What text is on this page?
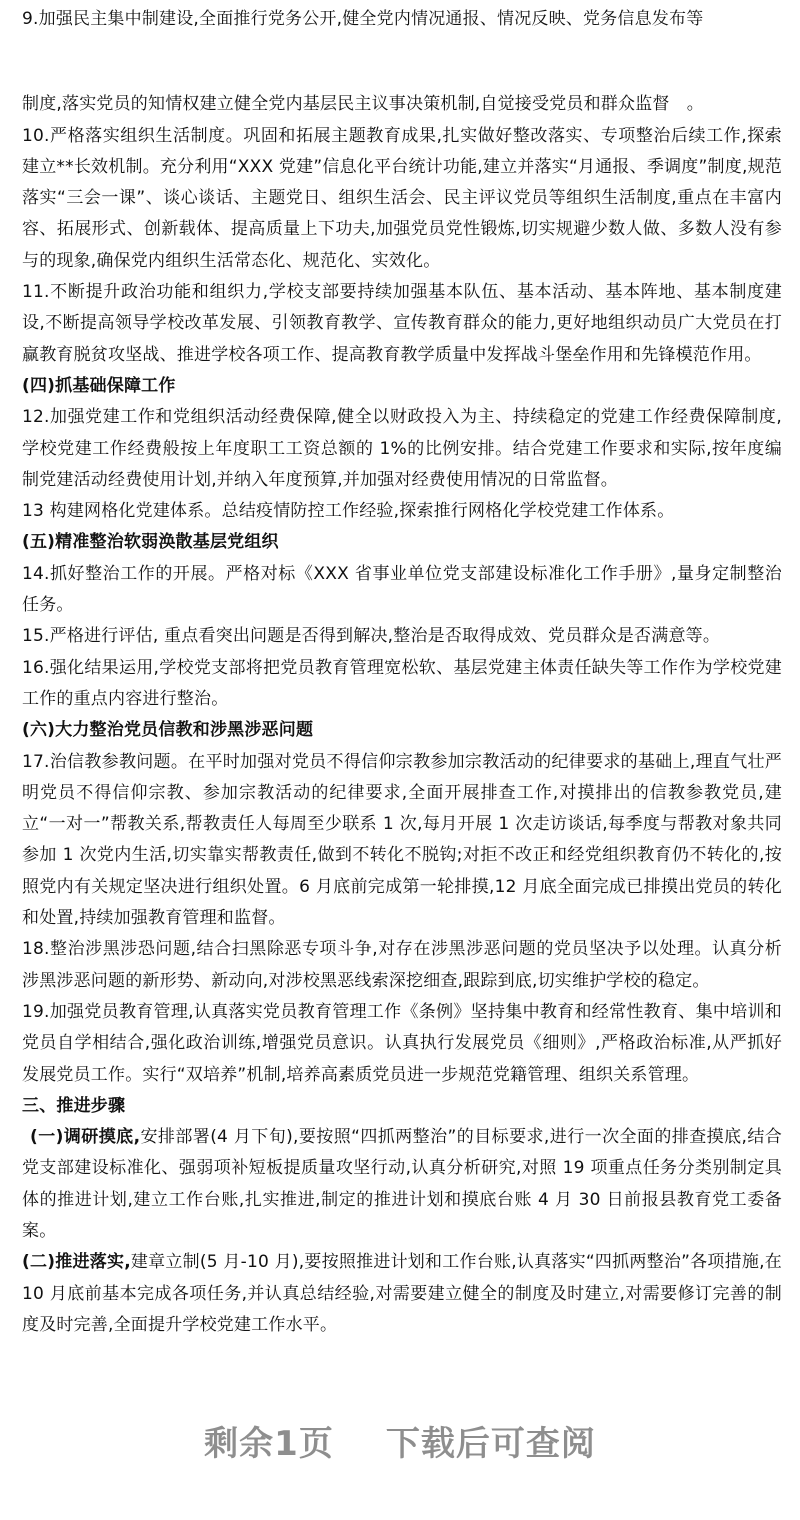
9.加强民主集中制建设,全面推行党务公开,健全党内情况通报、情况反映、党务信息发布等

制度,落实党员的知情权建立健全党内基层民主议事决策机制,自觉接受党员和群众监督　。

10.严格落实组织生活制度。巩固和拓展主题教育成果,扎实做好整改落实、专项整治后续工作,探索建立**长效机制。充分利用“XXX 党建”信息化平台统计功能,建立并落实“月通报、季调度”制度,规范落实“三会一课”、谈心谈话、主题党日、组织生活会、民主评议党员等组织生活制度,重点在丰富内容、拓展形式、创新载体、提高质量上下功夫,加强党员党性锻炼,切实规避少数人做、多数人没有参与的现象,确保党内组织生活常态化、规范化、实效化。

11.不断提升政治功能和组织力,学校支部要持续加强基本队伍、基本活动、基本阵地、基本制度建设,不断提高领导学校改革发展、引领教育教学、宣传教育群众的能力,更好地组织动员广大党员在打赢教育脱贫攻坚战、推进学校各项工作、提高教育教学质量中发挥战斗堡垒作用和先锋模范作用。

(四)抓基础保障工作

12.加强党建工作和党组织活动经费保障,健全以财政投入为主、持续稳定的党建工作经费保障制度,学校党建工作经费般按上年度职工工资总额的 1%的比例安排。结合党建工作要求和实际,按年度编制党建活动经费使用计划,并纳入年度预算,并加强对经费使用情况的日常监督。

13 构建网格化党建体系。总结疫情防控工作经验,探索推行网格化学校党建工作体系。

(五)精准整治软弱涣散基层党组织

14.抓好整治工作的开展。严格对标《XXX 省事业单位党支部建设标准化工作手册》,量身定制整治任务。

15.严格进行评估, 重点看突出问题是否得到解决,整治是否取得成效、党员群众是否满意等。

16.强化结果运用,学校党支部将把党员教育管理宽松软、基层党建主体责任缺失等工作作为学校党建工作的重点内容进行整治。

(六)大力整治党员信教和涉黑涉恶问题

17.治信教参教问题。在平时加强对党员不得信仰宗教参加宗教活动的纪律要求的基础上,理直气壮严明党员不得信仰宗教、参加宗教活动的纪律要求,全面开展排查工作,对摸排出的信教参教党员,建立“一对一”帮教关系,帮教责任人每周至少联系 1 次,每月开展 1 次走访谈话,每季度与帮教对象共同参加 1 次党内生活,切实靠实帮教责任,做到不转化不脱钩;对拒不改正和经党组织教育仍不转化的,按照党内有关规定坚决进行组织处置。6 月底前完成第一轮排摸,12 月底全面完成已排摸出党员的转化和处置,持续加强教育管理和监督。

18.整治涉黑涉恐问题,结合扫黑除恶专项斗争,对存在涉黑涉恶问题的党员坚决予以处理。认真分析涉黑涉恶问题的新形势、新动向,对涉校黑恶线索深挖细查,跟踪到底,切实维护学校的稳定。

19.加强党员教育管理,认真落实党员教育管理工作《条例》坚持集中教育和经常性教育、集中培训和党员自学相结合,强化政治训练,增强党员意识。认真执行发展党员《细则》,严格政治标准,从严抓好发展党员工作。实行“双培养”机制,培养高素质党员进一步规范党籍管理、组织关系管理。

三、推进步骤

(一)调研摸底,安排部署(4 月下旬),要按照“四抓两整治”的目标要求,进行一次全面的排查摸底,结合党支部建设标准化、强弱项补短板提质量攻坚行动,认真分析研究,对照 19 项重点任务分类别制定具体的推进计划,建立工作台账,扎实推进,制定的推进计划和摸底台账 4 月 30 日前报县教育党工委备案。

(二)推进落实,建章立制(5 月-10 月),要按照推进计划和工作台账,认真落实“四抓两整治”各项措施,在 10 月底前基本完成各项任务,并认真总结经验,对需要建立健全的制度及时建立,对需要修订完善的制度及时完善,全面提升学校党建工作水平。

剩余1页 下载后可查阅
